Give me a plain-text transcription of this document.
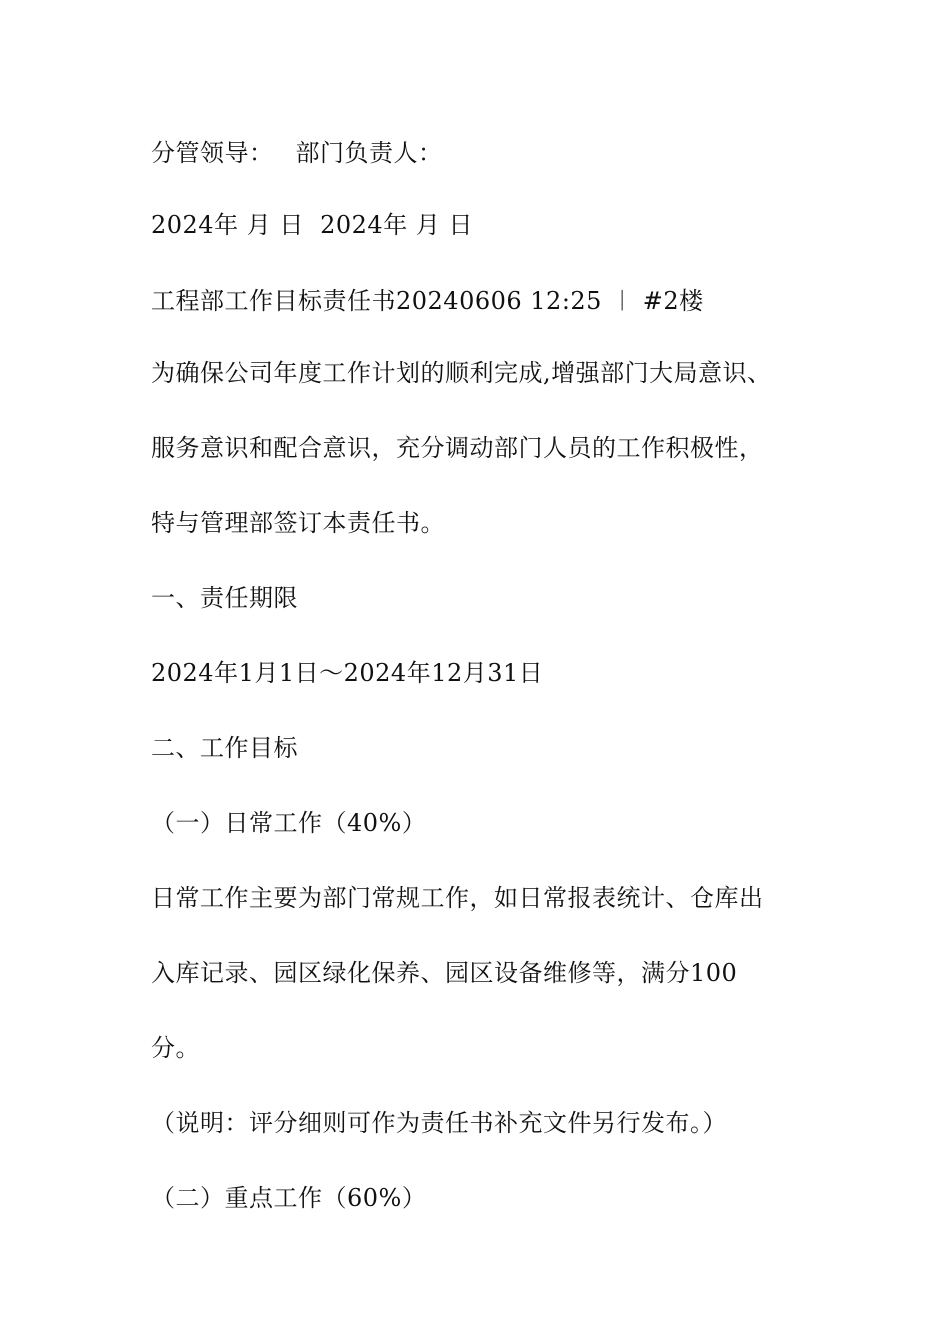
分管领导： 部门负责人：
2024年 月 日 2024年 月 日
工程部工作目标责任书20240606 12:25 ︱ #2楼
为确保公司年度工作计划的顺利完成,增强部门大局意识、
服务意识和配合意识，充分调动部门人员的工作积极性，
特与管理部签订本责任书。
一、责任期限
2024年1月1日～2024年12月31日
二、工作目标
（一）日常工作（40%）
日常工作主要为部门常规工作，如日常报表统计、仓库出
入库记录、园区绿化保养、园区设备维修等，满分100
分。
（说明：评分细则可作为责任书补充文件另行发布。）
（二）重点工作（60%）
